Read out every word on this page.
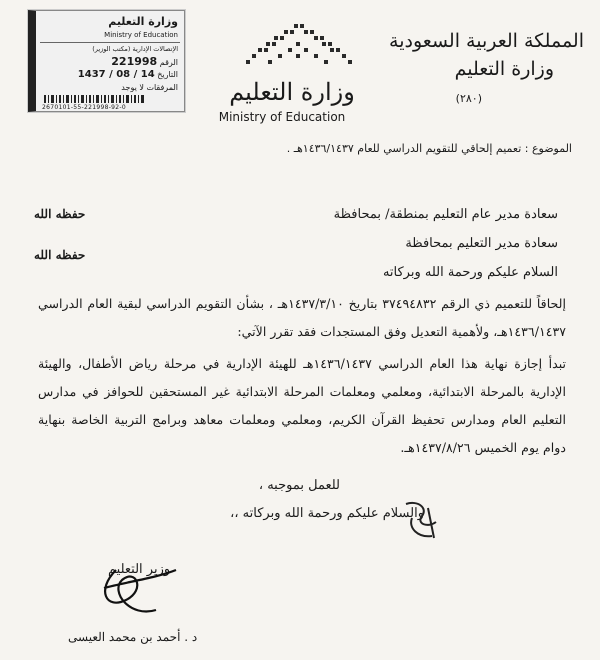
وزارة التعليم
Ministry of Education
الإتصالات الإدارية (مكتب الوزير)
الرقم 221998
التاريخ 1437 / 08 / 14
المرفقات لا يوجد
2670101-55-221998-92-0
المملكة العربية السعودية
وزارة التعليم
(٢٨٠)
وزارة التعليم
Ministry of Education
الموضوع : تعميم إلحاقي للتقويم الدراسي للعام ١٤٣٦/١٤٣٧هـ .
سعادة مدير عام التعليم بمنطقة/ بمحافظة
حفظه الله
سعادة مدير التعليم بمحافظة
حفظه الله
السلام عليكم ورحمة الله وبركاته
إلحاقاً للتعميم ذي الرقم ٣٧٤٩٤٨٣٢ بتاريخ ١٤٣٧/٣/١٠هـ ، بشأن التقويم الدراسي لبقية العام الدراسي ١٤٣٦/١٤٣٧هـ، ولأهمية التعديل وفق المستجدات فقد تقرر الآتي:
تبدأ إجازة نهاية هذا العام الدراسي ١٤٣٦/١٤٣٧هـ للهيئة الإدارية في مرحلة رياض الأطفال، والهيئة الإدارية بالمرحلة الابتدائية، ومعلمي ومعلمات المرحلة الابتدائية غير المستحقين للحوافز في مدارس التعليم العام ومدارس تحفيظ القرآن الكريم، ومعلمي ومعلمات معاهد وبرامج التربية الخاصة بنهاية دوام يوم الخميس ١٤٣٧/٨/٢٦هـ.
للعمل بموجبه ،
والسلام عليكم ورحمة الله وبركاته ،،
وزير التعليم
د . أحمد بن محمد العيسى
